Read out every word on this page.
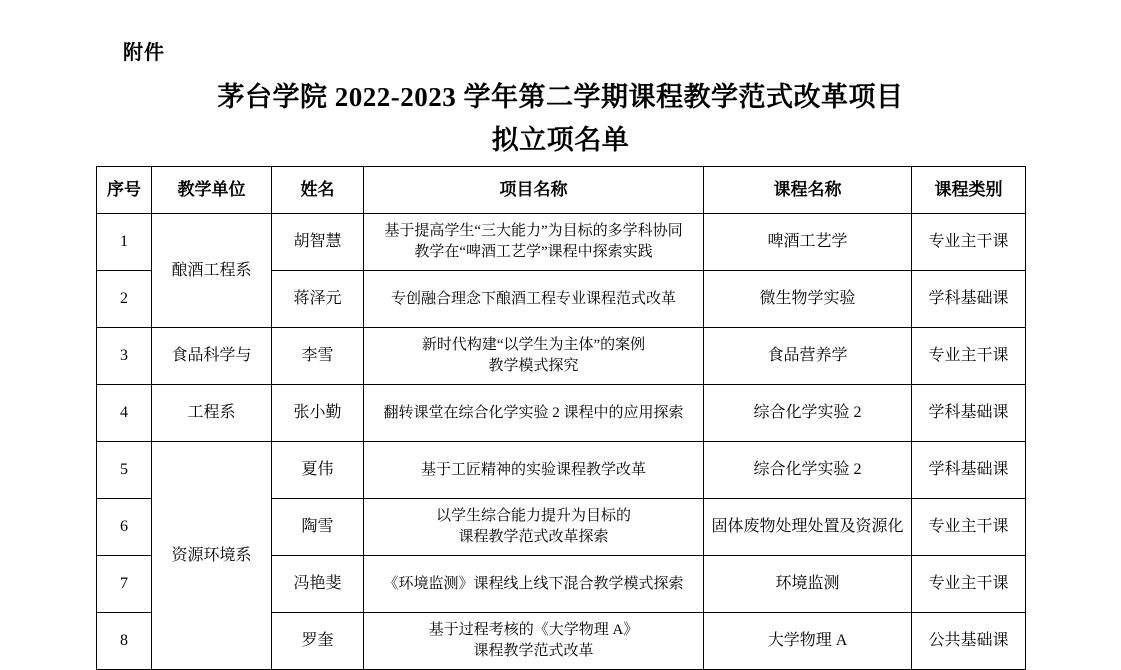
附件
茅台学院 2022-2023 学年第二学期课程教学范式改革项目
拟立项名单
序号	教学单位	姓名	项目名称	课程名称	课程类别
1	酿酒工程系	胡智慧	基于提高学生“三大能力”为目标的多学科协同
教学在“啤酒工艺学”课程中探索实践	啤酒工艺学	专业主干课
2		蒋泽元	专创融合理念下酿酒工程专业课程范式改革	微生物学实验	学科基础课
3	食品科学与	李雪	新时代构建“以学生为主体”的案例
教学模式探究	食品营养学	专业主干课
4	工程系	张小勤	翻转课堂在综合化学实验 2 课程中的应用探索	综合化学实验 2	学科基础课
5	资源环境系	夏伟	基于工匠精神的实验课程教学改革	综合化学实验 2	学科基础课
6		陶雪	以学生综合能力提升为目标的
课程教学范式改革探索	固体废物处理处置及资源化	专业主干课
7		冯艳斐	《环境监测》课程线上线下混合教学模式探索	环境监测	专业主干课
8		罗奎	基于过程考核的《大学物理 A》
课程教学范式改革	大学物理 A	公共基础课
